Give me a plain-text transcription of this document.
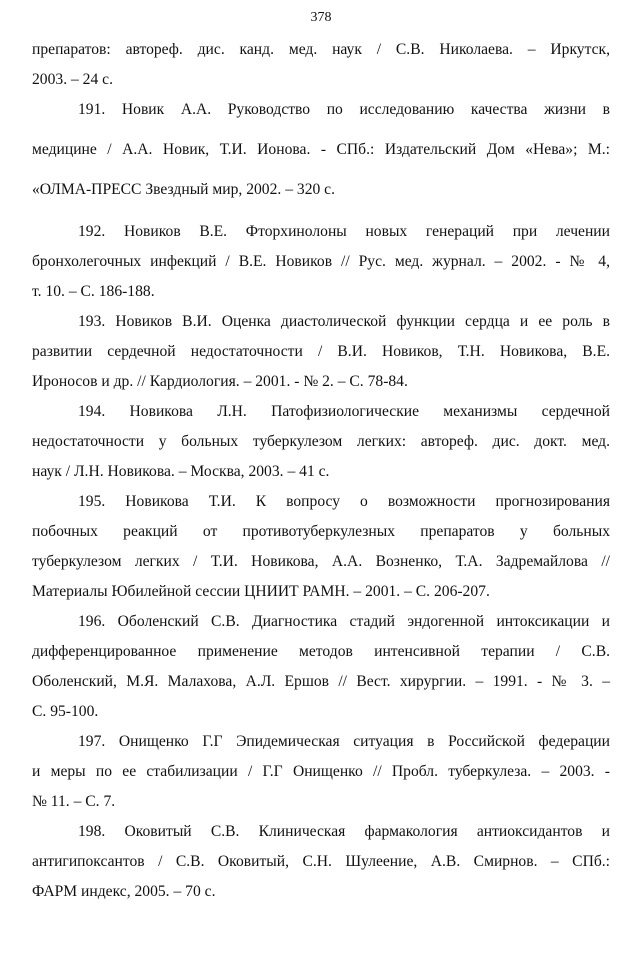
378
препаратов: автореф. дис. канд. мед. наук / С.В. Николаева. – Иркутск,
2003. – 24 с.
191. Новик А.А. Руководство по исследованию качества жизни в
медицине / А.А. Новик, Т.И. Ионова. - СПб.: Издательский Дом «Нева»; М.:
«ОЛМА-ПРЕСС Звездный мир, 2002. – 320 с.
192. Новиков В.Е. Фторхинолоны новых генераций при лечении
бронхолегочных инфекций / В.Е. Новиков // Рус. мед. журнал. – 2002. - № 4,
т. 10. – С. 186-188.
193. Новиков В.И. Оценка диастолической функции сердца и ее роль в
развитии сердечной недостаточности / В.И. Новиков, Т.Н. Новикова, В.Е.
Ироносов и др. // Кардиология. – 2001. - № 2. – С. 78-84.
194. Новикова Л.Н. Патофизиологические механизмы сердечной
недостаточности у больных туберкулезом легких: автореф. дис. докт. мед.
наук / Л.Н. Новикова. – Москва, 2003. – 41 с.
195. Новикова Т.И. К вопросу о возможности прогнозирования
побочных реакций от противотуберкулезных препаратов у больных
туберкулезом легких / Т.И. Новикова, А.А. Возненко, Т.А. Задремайлова //
Материалы Юбилейной сессии ЦНИИТ РАМН. – 2001. – С. 206-207.
196. Оболенский С.В. Диагностика стадий эндогенной интоксикации и
дифференцированное применение методов интенсивной терапии / С.В.
Оболенский, М.Я. Малахова, А.Л. Ершов // Вест. хирургии. – 1991. - № 3. –
С. 95-100.
197. Онищенко Г.Г Эпидемическая ситуация в Российской федерации
и меры по ее стабилизации / Г.Г Онищенко // Пробл. туберкулеза. – 2003. -
№ 11. – С. 7.
198. Оковитый С.В. Клиническая фармакология антиоксидантов и
антигипоксантов / С.В. Оковитый, С.Н. Шулеение, А.В. Смирнов. – СПб.:
ФАРМ индекс, 2005. – 70 с.
